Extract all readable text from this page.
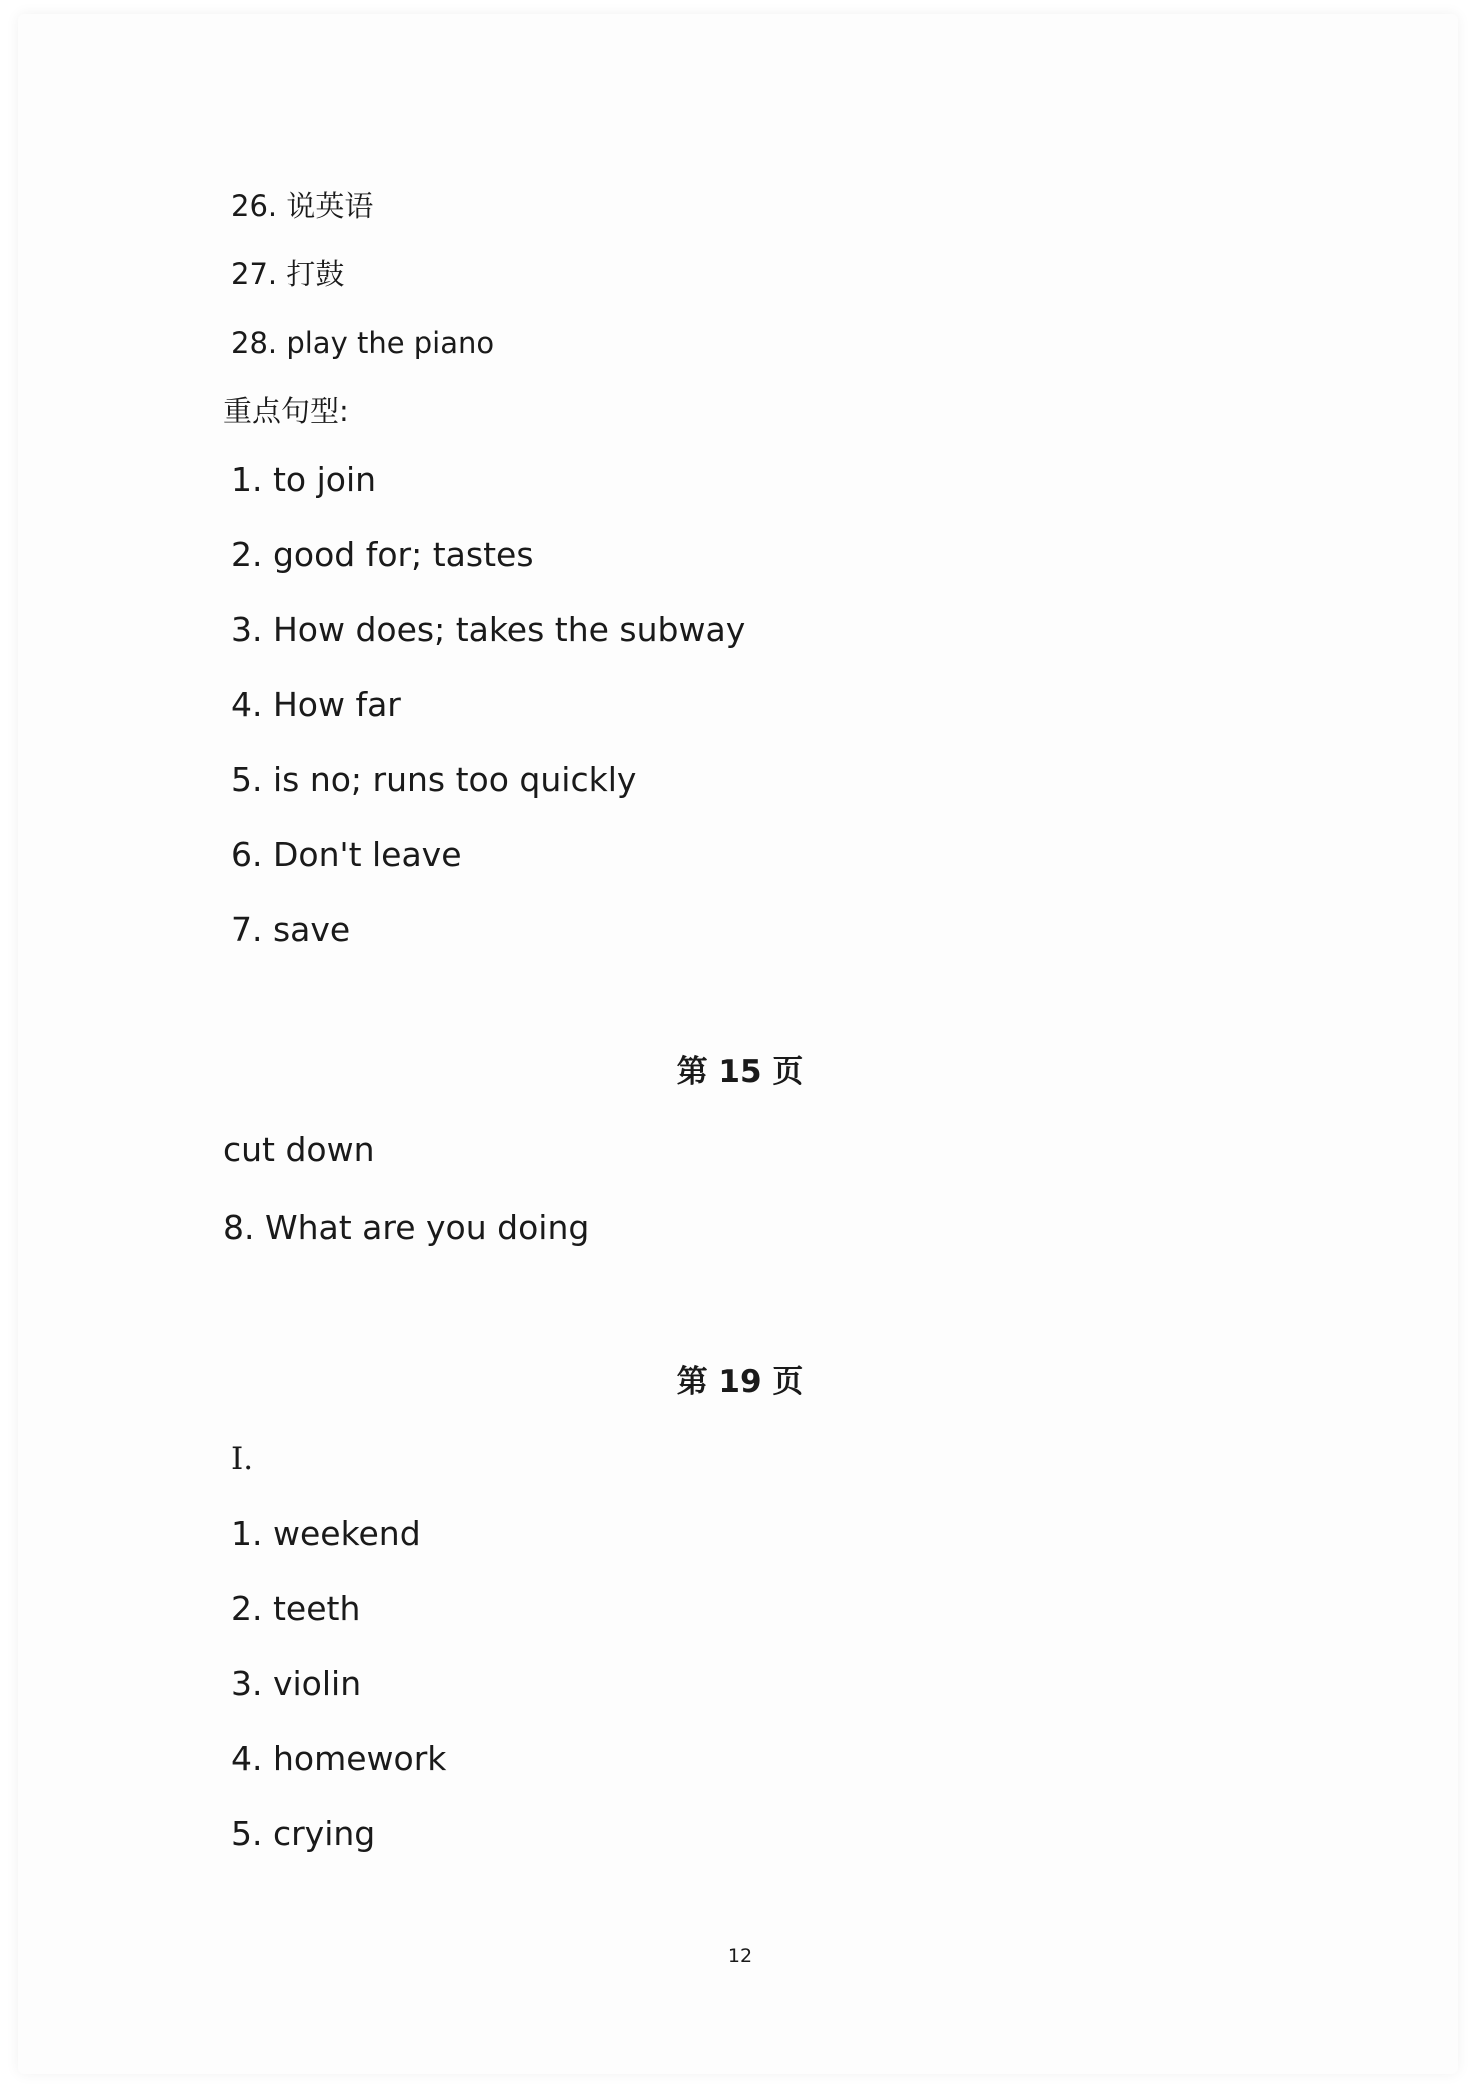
26. 说英语
27. 打鼓
28. play the piano
重点句型:
1. to join
2. good for; tastes
3. How does; takes the subway
4. How far
5. is no; runs too quickly
6. Don't leave
7. save
第 15 页
cut down
8. What are you doing
第 19 页
Ⅰ.
1. weekend
2. teeth
3. violin
4. homework
5. crying
12
